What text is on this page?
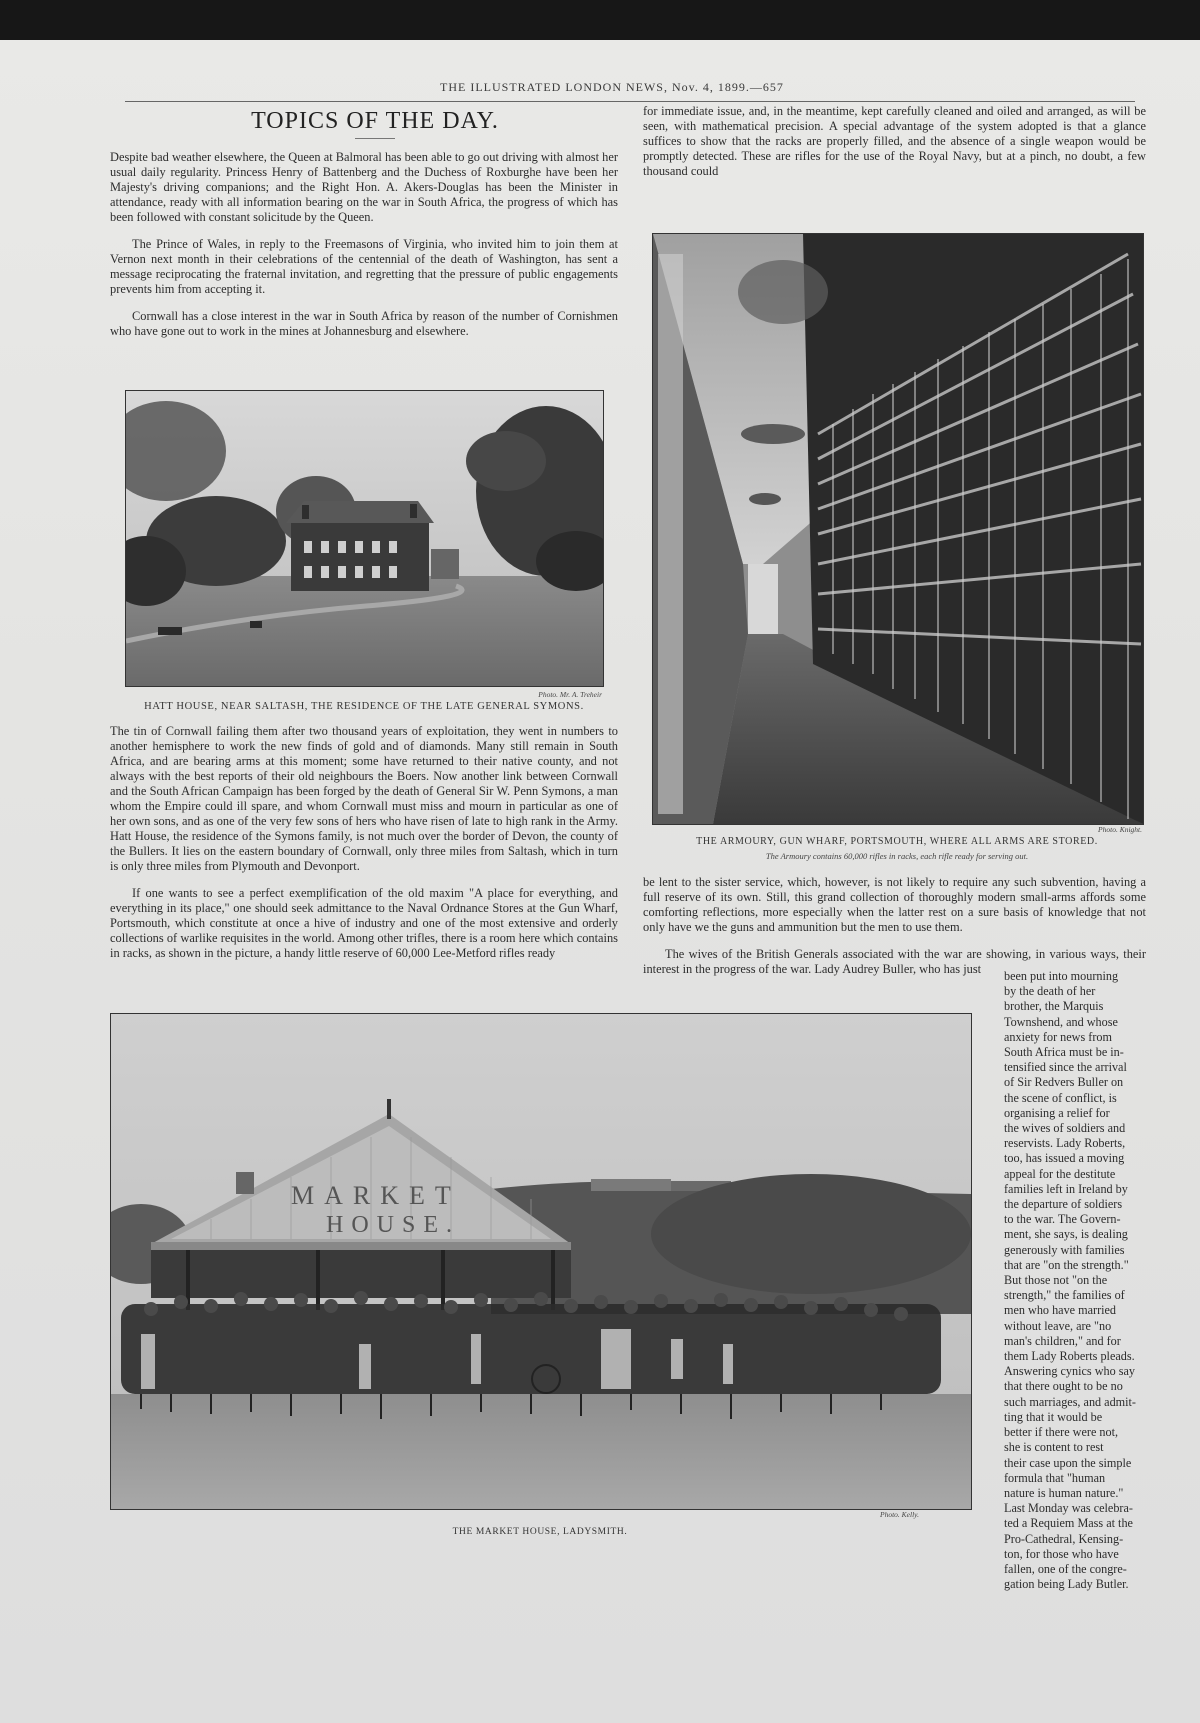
THE ILLUSTRATED LONDON NEWS, Nov. 4, 1899.—657
TOPICS OF THE DAY.

Despite bad weather elsewhere, the Queen at Balmoral has been able to go out driving with almost her usual daily regularity. Princess Henry of Battenberg and the Duchess of Roxburghe have been her Majesty's driving companions; and the Right Hon. A. Akers-Douglas has been the Minister in attendance, ready with all information bearing on the war in South Africa, the progress of which has been followed with constant solicitude by the Queen.

The Prince of Wales, in reply to the Freemasons of Virginia, who invited him to join them at Vernon next month in their celebrations of the centennial of the death of Washington, has sent a message reciprocating the fraternal invitation, and regretting that the pressure of public engagements prevents him from accepting it.

Cornwall has a close interest in the war in South Africa by reason of the number of Cornishmen who have gone out to work in the mines at Johannesburg and elsewhere.

Photo. Mr. A. Treheir
HATT HOUSE, NEAR SALTASH, THE RESIDENCE OF THE LATE GENERAL SYMONS.

The tin of Cornwall failing them after two thousand years of exploitation, they went in numbers to another hemisphere to work the new finds of gold and of diamonds. Many still remain in South Africa, and are bearing arms at this moment; some have returned to their native county, and not always with the best reports of their old neighbours the Boers. Now another link between Cornwall and the South African Campaign has been forged by the death of General Sir W. Penn Symons, a man whom the Empire could ill spare, and whom Cornwall must miss and mourn in particular as one of her own sons, and as one of the very few sons of hers who have risen of late to high rank in the Army. Hatt House, the residence of the Symons family, is not much over the border of Devon, the county of the Bullers. It lies on the eastern boundary of Cornwall, only three miles from Saltash, which in turn is only three miles from Plymouth and Devonport.

If one wants to see a perfect exemplification of the old maxim "A place for everything, and everything in its place," one should seek admittance to the Naval Ordnance Stores at the Gun Wharf, Portsmouth, which constitute at once a hive of industry and one of the most extensive and orderly collections of warlike requisites in the world. Among other trifles, there is a room here which contains in racks, as shown in the picture, a handy little reserve of 60,000 Lee-Metford rifles ready

for immediate issue, and, in the meantime, kept carefully cleaned and oiled and arranged, as will be seen, with mathematical precision. A special advantage of the system adopted is that a glance suffices to show that the racks are properly filled, and the absence of a single weapon would be promptly detected. These are rifles for the use of the Royal Navy, but at a pinch, no doubt, a few thousand could

Photo. Knight.
THE ARMOURY, GUN WHARF, PORTSMOUTH, WHERE ALL ARMS ARE STORED.
The Armoury contains 60,000 rifles in racks, each rifle ready for serving out.

be lent to the sister service, which, however, is not likely to require any such subvention, having a full reserve of its own. Still, this grand collection of thoroughly modern small-arms affords some comforting reflections, more especially when the latter rest on a sure basis of knowledge that not only have we the guns and ammunition but the men to use them.

The wives of the British Generals associated with the war are showing, in various ways, their interest in the progress of the war. Lady Audrey Buller, who has just	been put into mourning
by the death of her
brother, the Marquis
Townshend, and whose
anxiety for news from
South Africa must be in-
tensified since the arrival
of Sir Redvers Buller on
the scene of conflict, is
organising a relief for
the wives of soldiers and
reservists. Lady Roberts,
too, has issued a moving
appeal for the destitute
families left in Ireland by
the departure of soldiers
to the war. The Govern-
ment, she says, is dealing
generously with families
that are "on the strength."
But those not "on the
strength," the families of
men who have married
without leave, are "no
man's children," and for
them Lady Roberts pleads.
Answering cynics who say
that there ought to be no
such marriages, and admit-
ting that it would be
better if there were not,
she is content to rest
their case upon the simple
formula that "human
nature is human nature."
Last Monday was celebra-
ted a Requiem Mass at the
Pro-Cathedral, Kensing-
ton, for those who have
fallen, one of the congre-
gation being Lady Butler.
MARKET
HOUSE.
Photo. Kelly.
THE MARKET HOUSE, LADYSMITH.
